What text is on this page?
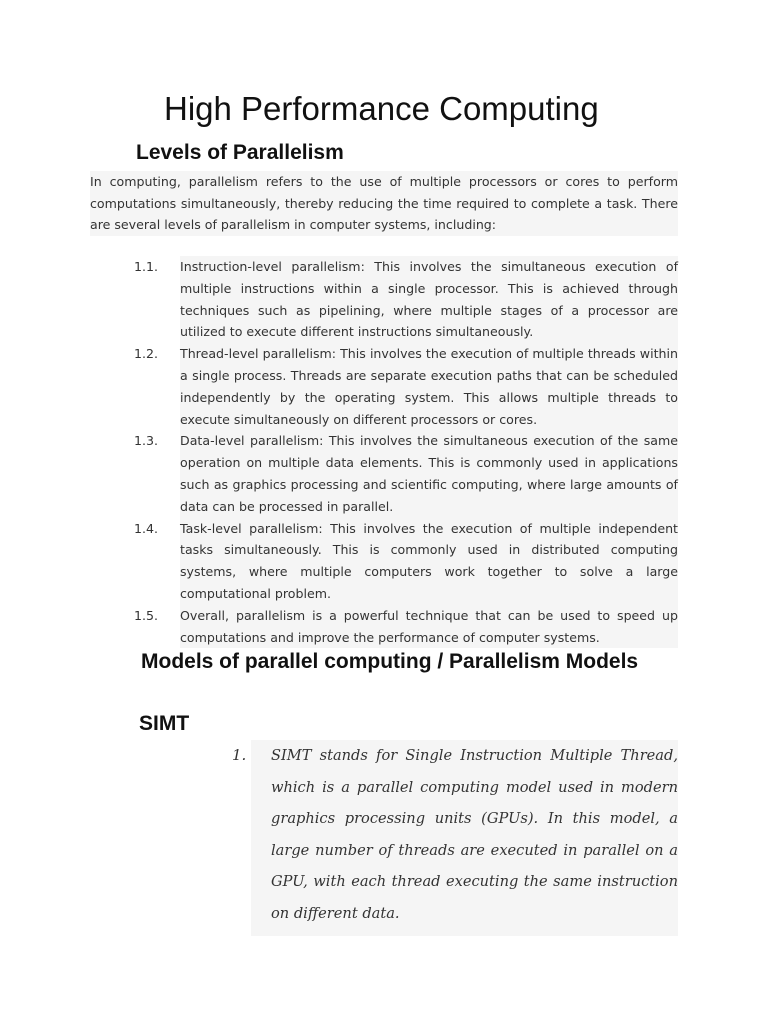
High Performance Computing
Levels of Parallelism
In computing, parallelism refers to the use of multiple processors or cores to perform computations simultaneously, thereby reducing the time required to complete a task. There are several levels of parallelism in computer systems, including:
1.1.	Instruction-level parallelism: This involves the simultaneous execution of multiple instructions within a single processor. This is achieved through techniques such as pipelining, where multiple stages of a processor are utilized to execute different instructions simultaneously.
1.2.	Thread-level parallelism: This involves the execution of multiple threads within a single process. Threads are separate execution paths that can be scheduled independently by the operating system. This allows multiple threads to execute simultaneously on different processors or cores.
1.3.	Data-level parallelism: This involves the simultaneous execution of the same operation on multiple data elements. This is commonly used in applications such as graphics processing and scientific computing, where large amounts of data can be processed in parallel.
1.4.	Task-level parallelism: This involves the execution of multiple independent tasks simultaneously. This is commonly used in distributed computing systems, where multiple computers work together to solve a large computational problem.
1.5.	Overall, parallelism is a powerful technique that can be used to speed up computations and improve the performance of computer systems.
Models of parallel computing / Parallelism Models
SIMT
1.	SIMT stands for Single Instruction Multiple Thread, which is a parallel computing model used in modern graphics processing units (GPUs). In this model, a large number of threads are executed in parallel on a GPU, with each thread executing the same instruction on different data.
